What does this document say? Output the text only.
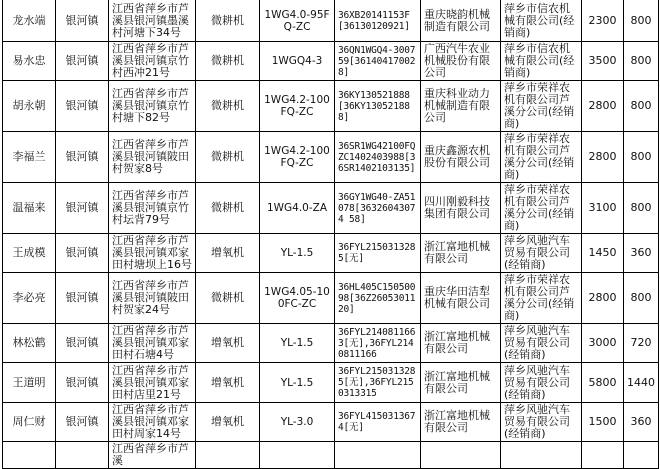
龙水端	银河镇	江西省萍乡市芦溪县银河镇墨溪村河塘下34号	微耕机	1WG4.0-95FQ-ZC	36XB20141153F[36130120921]	重庆晓韵机械制造有限公司	萍乡市信农机械有限公司(经销商)	2300	800
易水忠	银河镇	江西省萍乡市芦溪县银河镇京竹村西冲21号	微耕机	1WGQ4-3	36QN1WGQ4-300759[36140417002 8]	广西汽牛农业机械股份有限公司	萍乡市信农机械有限公司(经销商)	3500	800
胡永朝	银河镇	江西省萍乡市芦溪县银河镇京竹村塘下82号	微耕机	1WG4.2-100FQ-ZC	36KY130521888[36KY130521888]	重庆科业动力机械制造有限公司	萍乡市荣祥农机有限公司芦溪分公司(经销商)	2800	800
李福兰	银河镇	江西省萍乡市芦溪县银河镇陂田村贺家8号	微耕机	1WG4.2-100FQ-ZC	36SR1WG42100FQZC1402403988[36SR1402103135]	重庆鑫源农机股份有限公司	萍乡市荣祥农机有限公司芦溪分公司(经销商)	2800	800
温福来	银河镇	江西省萍乡市芦溪县银河镇京竹村坛背79号	微耕机	1WG4.0-ZA	36GY1WG40-ZA51078[36326043074 58]	四川刚毅科技集团有限公司	萍乡市荣祥农机有限公司芦溪分公司(经销商)	3100	800
王成模	银河镇	江西省萍乡市芦溪县银河镇邓家田村塘坝上16号	增氧机	YL-1.5	36FYL2150313285[无]	浙江富地机械有限公司	萍乡风驰汽车贸易有限公司(经销商)	1450	360
李必亮	银河镇	江西省萍乡市芦溪县银河镇陂田村贺家24号	微耕机	1WG4.05-100FC-ZC	36HL405C15050098[36Z2605301120]	重庆华田洁犁机械有限公司	萍乡市荣祥农机有限公司芦溪分公司(经销商)	2800	800
林松鹤	银河镇	江西省萍乡市芦溪县银河镇邓家田村石塘4号	增氧机	YL-1.5	36FYL2140811663[无],36FYL2140811166	浙江富地机械有限公司	萍乡风驰汽车贸易有限公司(经销商)	3000	720
王道明	银河镇	江西省萍乡市芦溪县银河镇邓家田村店里21号	增氧机	YL-1.5	36FYL2150313285[无],36FYL2150313315	浙江富地机械有限公司	萍乡风驰汽车贸易有限公司(经销商)	5800	1440
周仁财	银河镇	江西省萍乡市芦溪县银河镇邓家田村周家14号	增氧机	YL-3.0	36FYL4150313674[无]	浙江富地机械有限公司	萍乡风驰汽车贸易有限公司(经销商)	1500	360
		江西省萍乡市芦溪							
